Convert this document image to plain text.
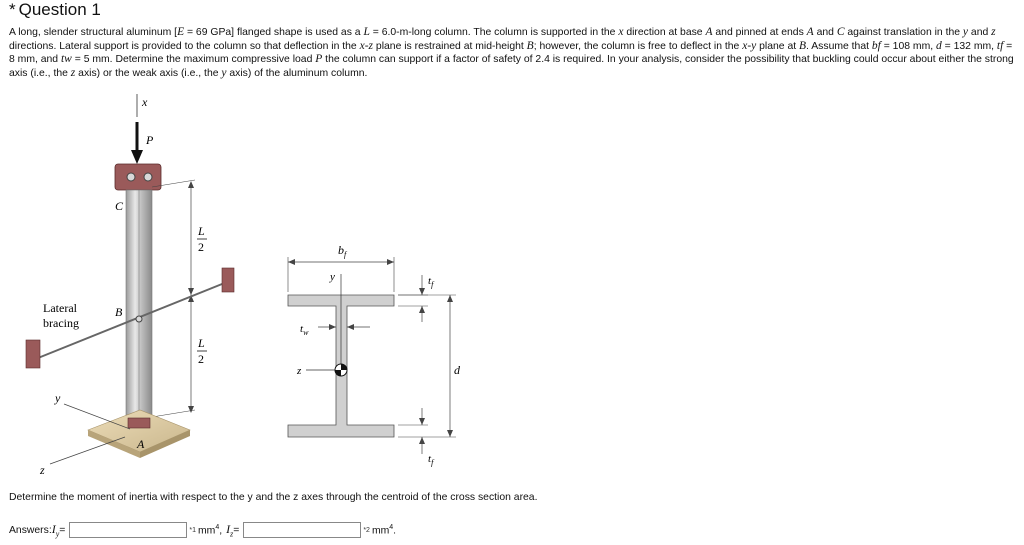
* Question 1
A long, slender structural aluminum [E = 69 GPa] flanged shape is used as a L = 6.0-m-long column. The column is supported in the x direction at base A and pinned at ends A and C against translation in the y and z directions. Lateral support is provided to the column so that deflection in the x-z plane is restrained at mid-height B; however, the column is free to deflect in the x-y plane at B. Assume that bf = 108 mm, d = 132 mm, tf = 8 mm, and tw = 5 mm. Determine the maximum compressive load P the column can support if a factor of safety of 2.4 is required. In your analysis, consider the possibility that buckling could occur about either the strong axis (i.e., the z axis) or the weak axis (i.e., the y axis) of the aluminum column.
x
P
C
L
2
L
2
B
Lateral
bracing
A
y
z
$b_f$
y
z
$t_w$
$t_f$
$t_f$
d
Determine the moment of inertia with respect to the y and the z axes through the centroid of the cross section area.
Answers: $I_y$ =	*1 $mm^4$, $I_z$ =	*2 $mm^4$.
